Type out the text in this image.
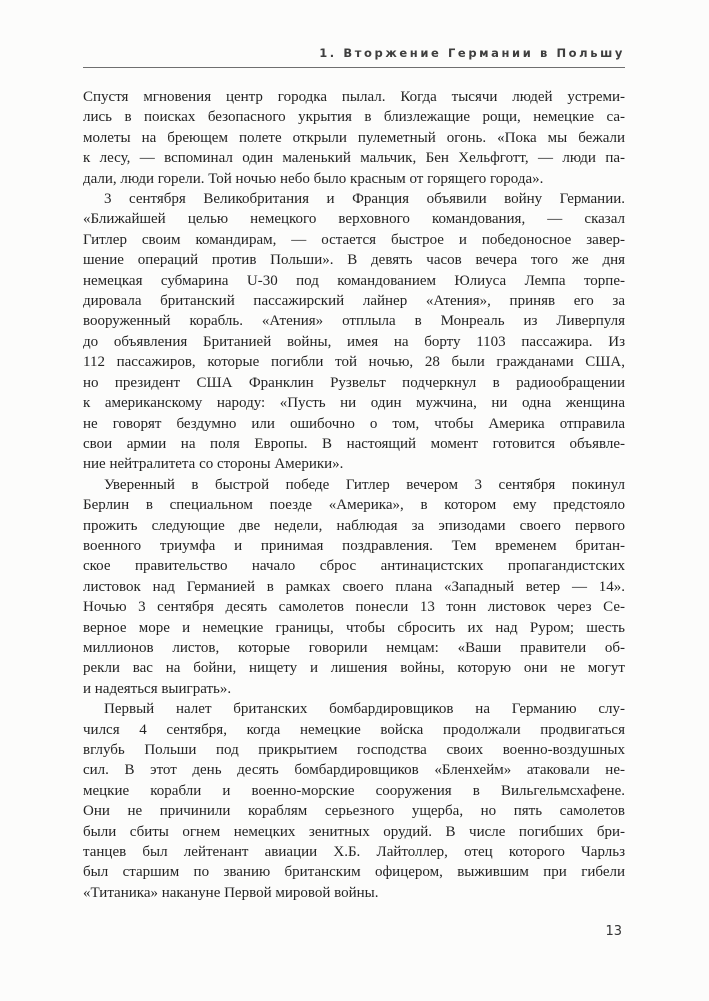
1. Вторжение Германии в Польшу
Спустя мгновения центр городка пылал. Когда тысячи людей устреми-
лись в поисках безопасного укрытия в близлежащие рощи, немецкие са-
молеты на бреющем полете открыли пулеметный огонь. «Пока мы бежали
к лесу, — вспоминал один маленький мальчик, Бен Хельфготт, — люди па-
дали, люди горели. Той ночью небо было красным от горящего города».
3 сентября Великобритания и Франция объявили войну Германии.
«Ближайшей целью немецкого верховного командования, — сказал
Гитлер своим командирам, — остается быстрое и победоносное завер-
шение операций против Польши». В девять часов вечера того же дня
немецкая субмарина U-30 под командованием Юлиуса Лемпа торпе-
дировала британский пассажирский лайнер «Атения», приняв его за
вооруженный корабль. «Атения» отплыла в Монреаль из Ливерпуля
до объявления Британией войны, имея на борту 1103 пассажира. Из
112 пассажиров, которые погибли той ночью, 28 были гражданами США,
но президент США Франклин Рузвельт подчеркнул в радиообращении
к американскому народу: «Пусть ни один мужчина, ни одна женщина
не говорят бездумно или ошибочно о том, чтобы Америка отправила
свои армии на поля Европы. В настоящий момент готовится объявле-
ние нейтралитета со стороны Америки».
Уверенный в быстрой победе Гитлер вечером 3 сентября покинул
Берлин в специальном поезде «Америка», в котором ему предстояло
прожить следующие две недели, наблюдая за эпизодами своего первого
военного триумфа и принимая поздравления. Тем временем британ-
ское правительство начало сброс антинацистских пропагандистских
листовок над Германией в рамках своего плана «Западный ветер — 14».
Ночью 3 сентября десять самолетов понесли 13 тонн листовок через Се-
верное море и немецкие границы, чтобы сбросить их над Руром; шесть
миллионов листов, которые говорили немцам: «Ваши правители об-
рекли вас на бойни, нищету и лишения войны, которую они не могут
и надеяться выиграть».
Первый налет британских бомбардировщиков на Германию слу-
чился 4 сентября, когда немецкие войска продолжали продвигаться
вглубь Польши под прикрытием господства своих военно-воздушных
сил. В этот день десять бомбардировщиков «Бленхейм» атаковали не-
мецкие корабли и военно-морские сооружения в Вильгельмсхафене.
Они не причинили кораблям серьезного ущерба, но пять самолетов
были сбиты огнем немецких зенитных орудий. В числе погибших бри-
танцев был лейтенант авиации Х.Б. Лайтоллер, отец которого Чарльз
был старшим по званию британским офицером, выжившим при гибели
«Титаника» накануне Первой мировой войны.
13
